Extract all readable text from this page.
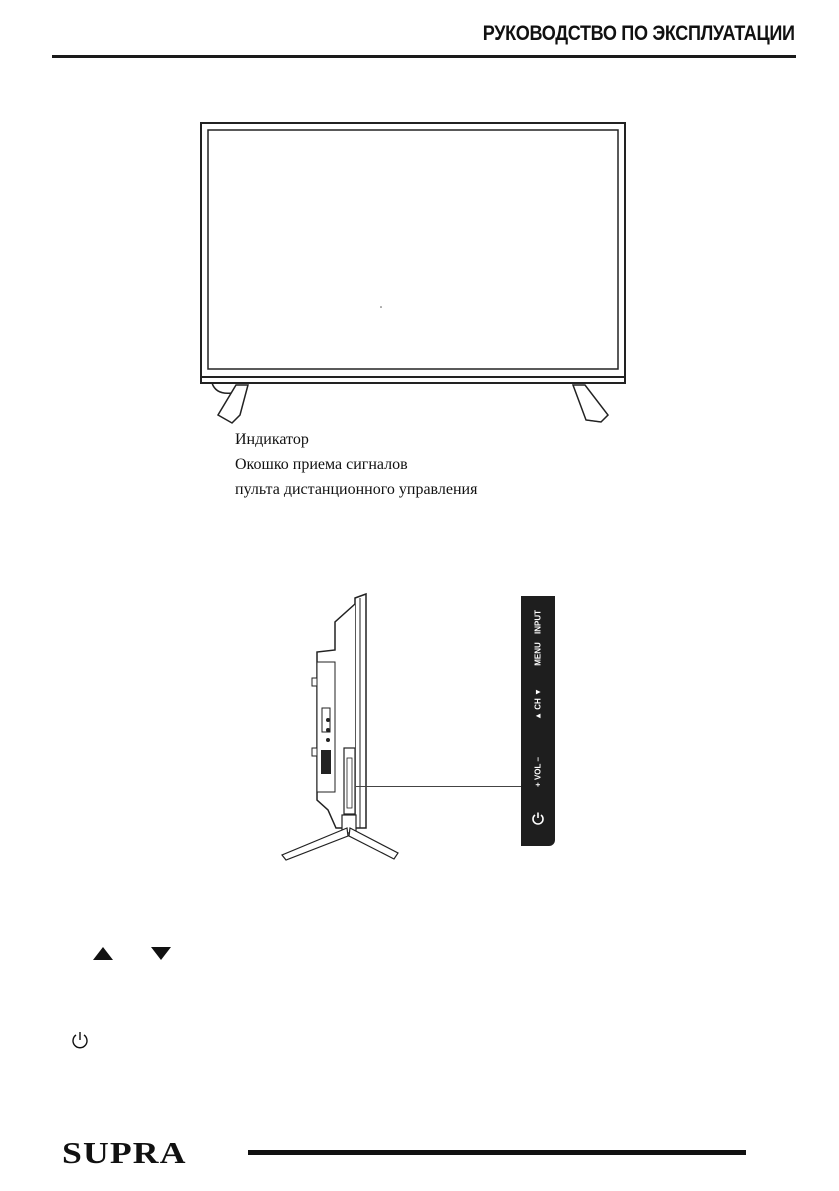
РУКОВОДСТВО ПО ЭКСПЛУАТАЦИИ
Индикатор
Окошко приема сигналов
пульта дистанционного управления
INPUT
MENU
▲ CH ▼
+ VOL –
SUPRA
